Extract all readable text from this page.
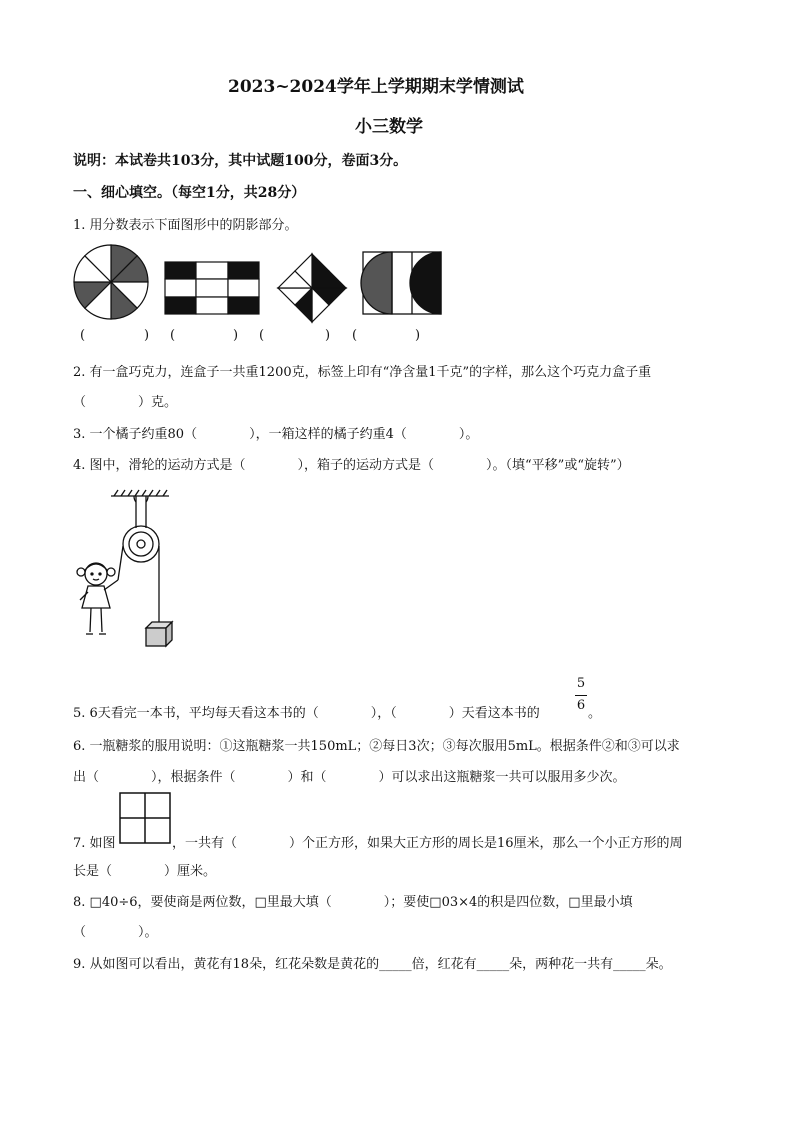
2023~2024学年上学期期末学情测试
小三数学
说明：本试卷共103分，其中试题100分，卷面3分。
一、细心填空。（每空1分，共28分）
1. 用分数表示下面图形中的阴影部分。
(	) (	) (	) (	)
2. 有一盒巧克力，连盒子一共重1200克，标签上印有“净含量1千克”的字样，那么这个巧克力盒子重
（　　　　）克。
3. 一个橘子约重80（　　　　），一箱这样的橘子约重4（　　　　）。
4. 图中，滑轮的运动方式是（　　　　），箱子的运动方式是（　　　　）。（填“平移”或“旋转”）
5. 6天看完一本书，平均每天看这本书的（　　　　），（　　　　）天看这本书的
5
6
。
6. 一瓶糖浆的服用说明：①这瓶糖浆一共150mL；②每日3次；③每次服用5mL。根据条件②和③可以求
出（　　　　），根据条件（　　　　）和（　　　　）可以求出这瓶糖浆一共可以服用多少次。
7. 如图	，一共有（　　　　）个正方形，如果大正方形的周长是16厘米，那么一个小正方形的周
长是（　　　　）厘米。
8. □40÷6，要使商是两位数，□里最大填（　　　　）；要使□03×4的积是四位数，□里最小填
（　　　　）。
9. 从如图可以看出，黄花有18朵，红花朵数是黄花的_____倍，红花有_____朵，两种花一共有_____朵。
